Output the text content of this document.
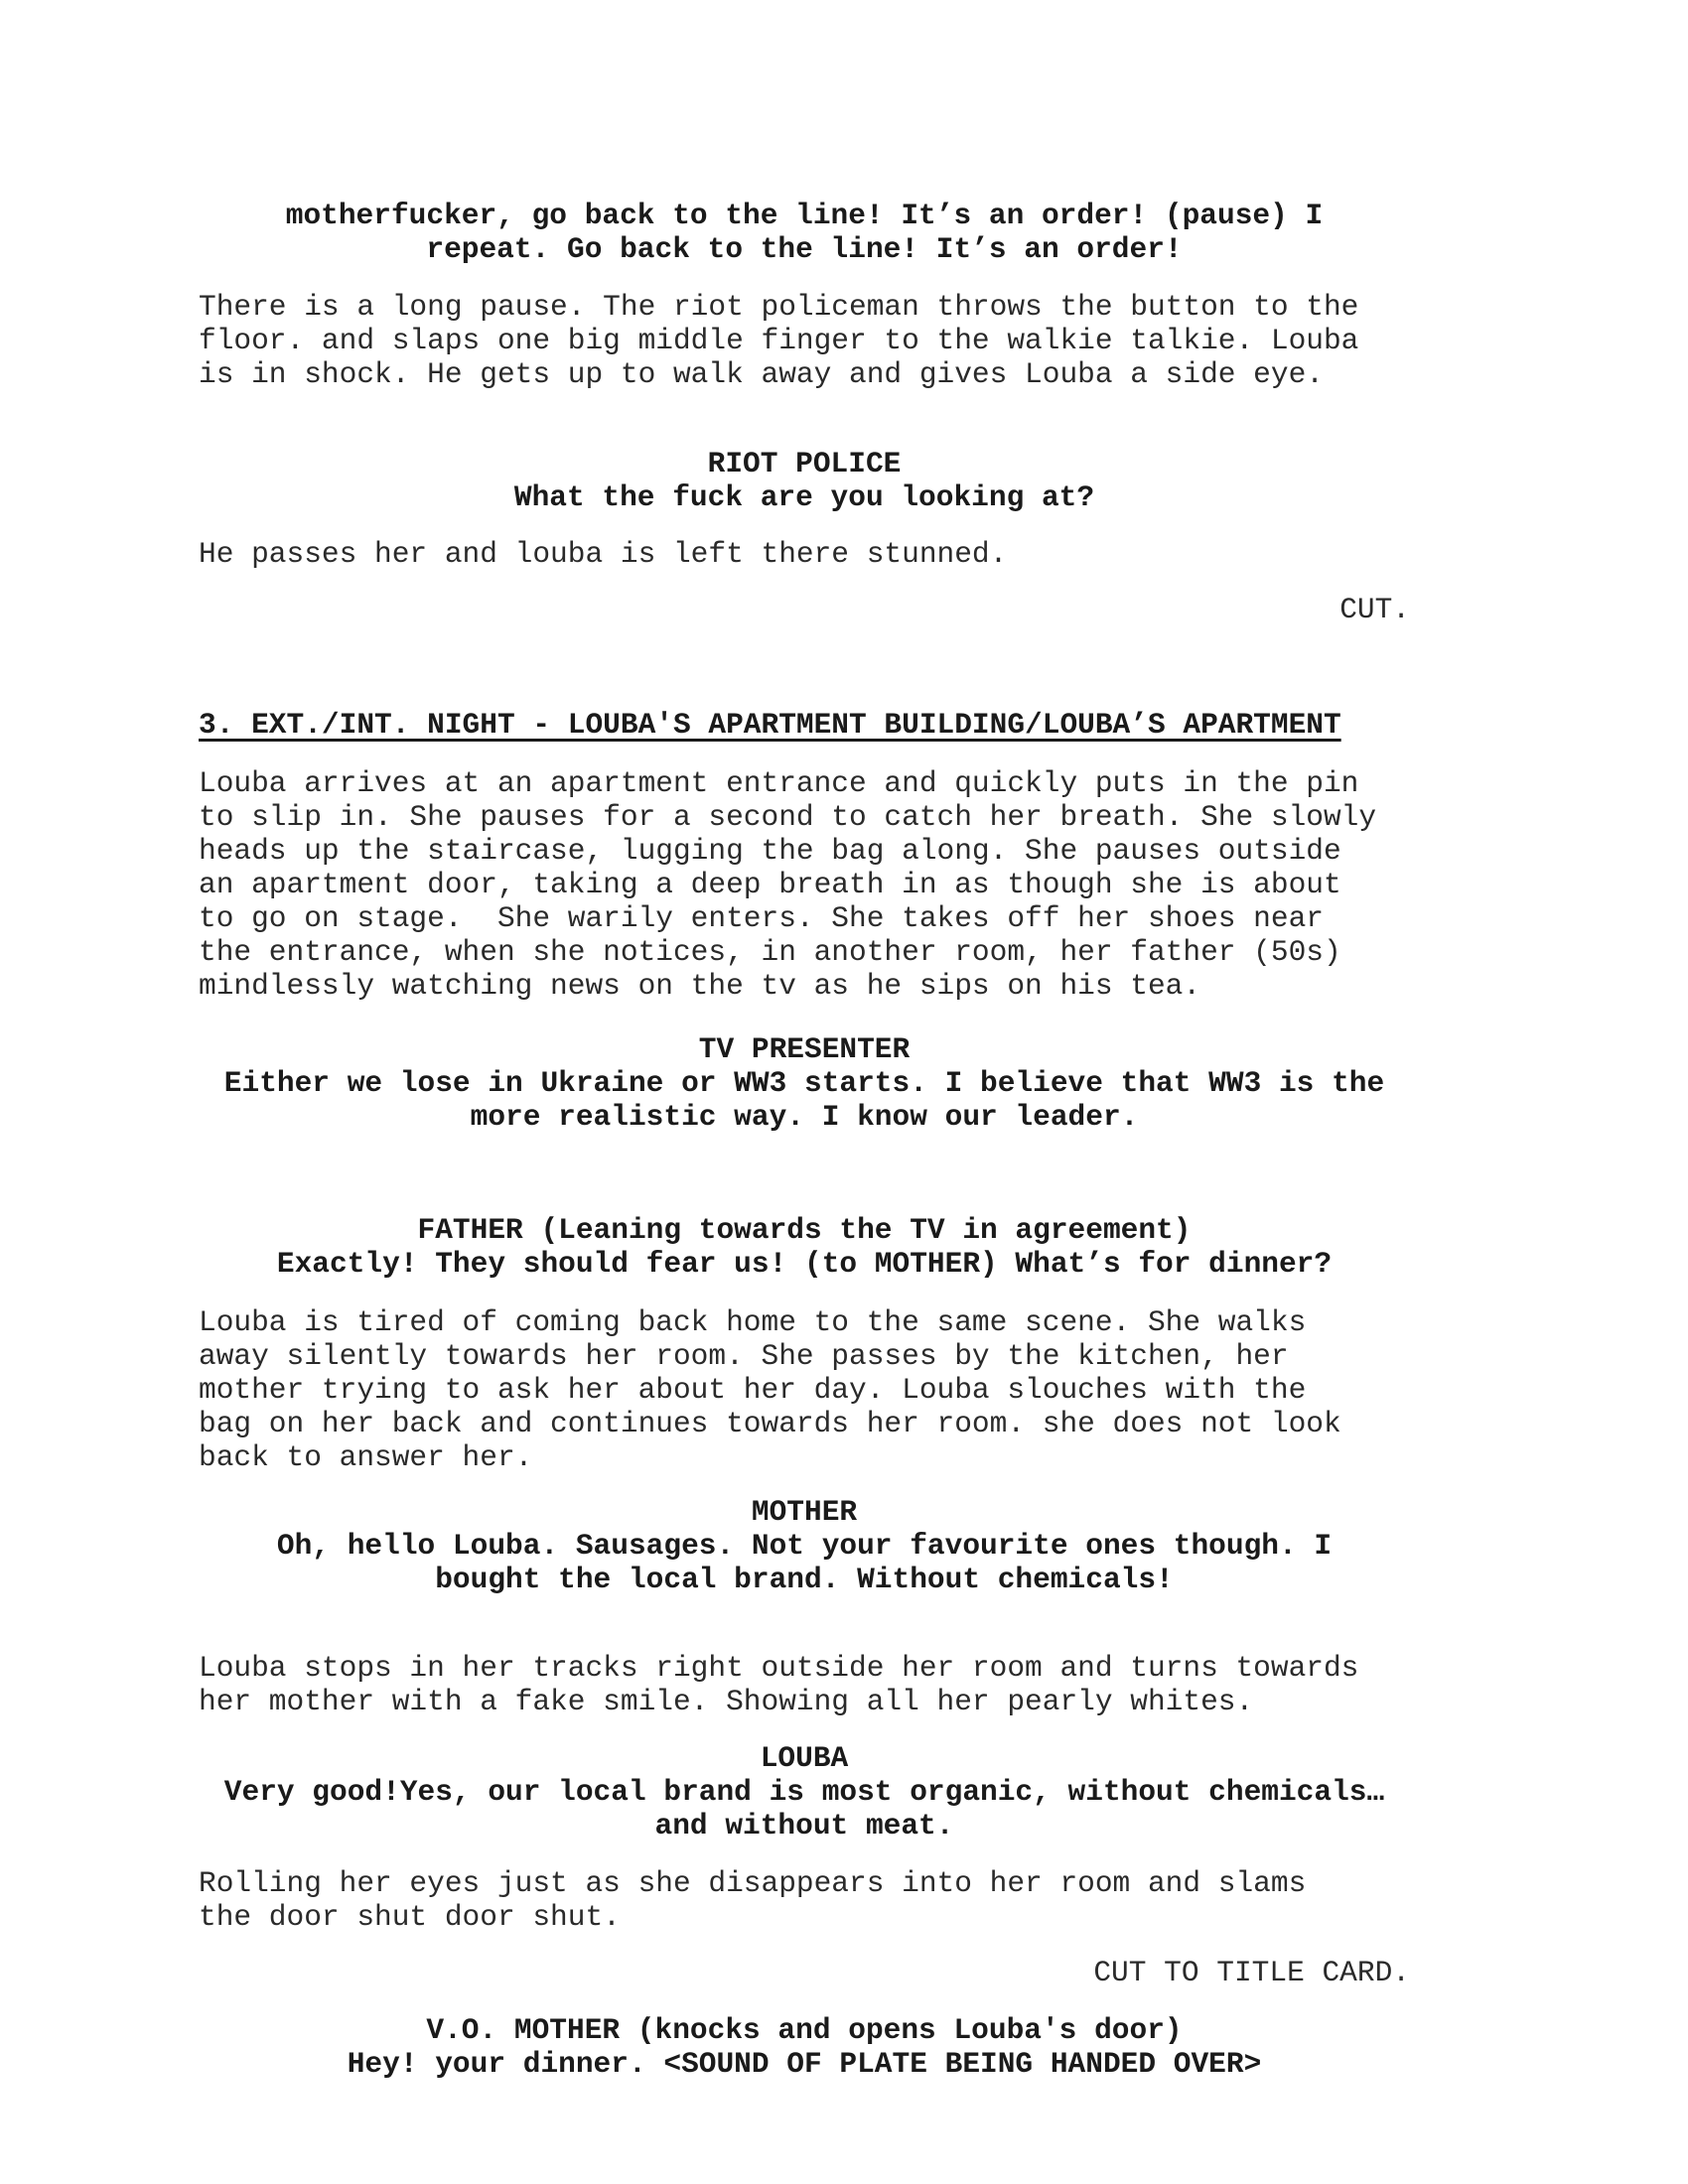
motherfucker, go back to the line! It’s an order! (pause) I
repeat. Go back to the line! It’s an order!

There is a long pause. The riot policeman throws the button to the
floor. and slaps one big middle finger to the walkie talkie. Louba
is in shock. He gets up to walk away and gives Louba a side eye.

RIOT POLICE
What the fuck are you looking at?

He passes her and louba is left there stunned.

CUT.

3. EXT./INT. NIGHT - LOUBA'S APARTMENT BUILDING/LOUBA’S APARTMENT

Louba arrives at an apartment entrance and quickly puts in the pin
to slip in. She pauses for a second to catch her breath. She slowly
heads up the staircase, lugging the bag along. She pauses outside
an apartment door, taking a deep breath in as though she is about
to go on stage.  She warily enters. She takes off her shoes near
the entrance, when she notices, in another room, her father (50s)
mindlessly watching news on the tv as he sips on his tea.

TV PRESENTER
Either we lose in Ukraine or WW3 starts. I believe that WW3 is the
more realistic way. I know our leader.

FATHER (Leaning towards the TV in agreement)
Exactly! They should fear us! (to MOTHER) What’s for dinner?

Louba is tired of coming back home to the same scene. She walks
away silently towards her room. She passes by the kitchen, her
mother trying to ask her about her day. Louba slouches with the
bag on her back and continues towards her room. she does not look
back to answer her.

MOTHER
Oh, hello Louba. Sausages. Not your favourite ones though. I
bought the local brand. Without chemicals!

Louba stops in her tracks right outside her room and turns towards
her mother with a fake smile. Showing all her pearly whites.

LOUBA
Very good!Yes, our local brand is most organic, without chemicals…
and without meat.

Rolling her eyes just as she disappears into her room and slams
the door shut door shut.

CUT TO TITLE CARD.

V.O. MOTHER (knocks and opens Louba's door)
Hey! your dinner. <SOUND OF PLATE BEING HANDED OVER>
